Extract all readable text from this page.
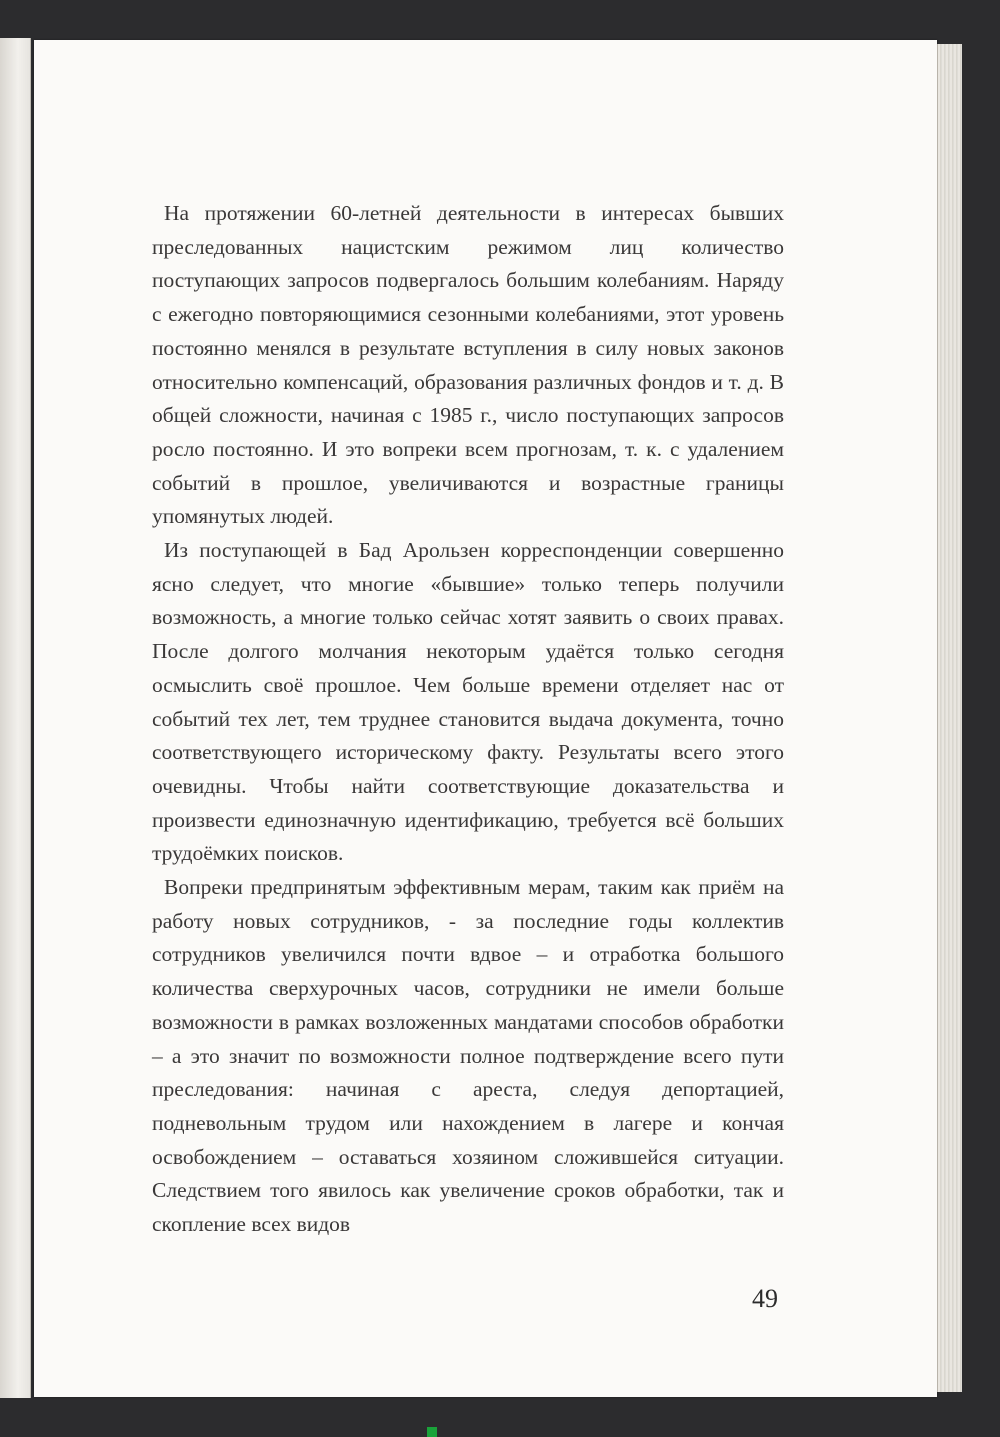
На протяжении 60-летней деятельности в интересах бывших преследованных нацистским режимом лиц количество поступающих запросов подвергалось большим колебаниям. Наряду с ежегодно повторяющимися сезонными колебаниями, этот уровень постоянно менялся в результате вступления в силу новых законов относительно компенсаций, образования различных фондов и т. д. В общей сложности, начиная с 1985 г., число поступающих запросов росло постоянно. И это вопреки всем прогнозам, т. к. с удалением событий в прошлое, увеличиваются и возрастные границы упомянутых людей.

Из поступающей в Бад Арользен корреспонденции совершенно ясно следует, что многие «бывшие» только теперь получили возможность, а многие только сейчас хотят заявить о своих правах. После долгого молчания некоторым удаётся только сегодня осмыслить своё прошлое. Чем больше времени отделяет нас от событий тех лет, тем труднее становится выдача документа, точно соответствующего историческому факту. Результаты всего этого очевидны. Чтобы найти соответствующие доказательства и произвести единозначную идентификацию, требуется всё больших трудоёмких поисков.

Вопреки предпринятым эффективным мерам, таким как приём на работу новых сотрудников, - за последние годы коллектив сотрудников увеличился почти вдвое – и отработка большого количества сверхурочных часов, сотрудники не имели больше возможности в рамках возложенных мандатами способов обработки – а это значит по возможности полное подтверждение всего пути преследования: начиная с ареста, следуя депортацией, подневольным трудом или нахождением в лагере и кончая освобождением – оставаться хозяином сложившейся ситуации. Следствием того явилось как увеличение сроков обработки, так и скопление всех видов

49
